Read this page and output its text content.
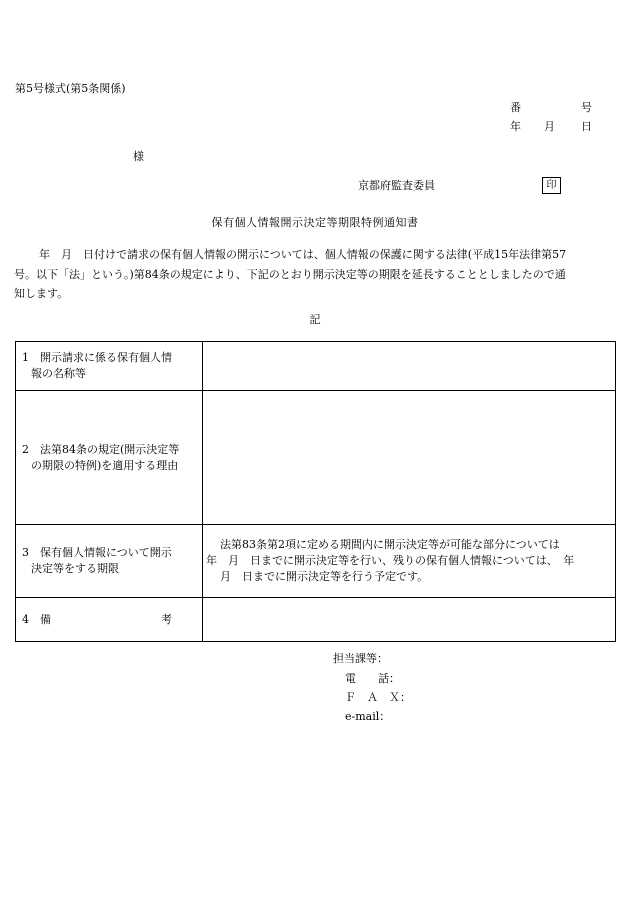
第5号様式(第5条関係)
番	号
年 月 日
様
京都府監査委員	印
保有個人情報開示決定等期限特例通知書
　年　月　日付けで請求の保有個人情報の開示については、個人情報の保護に関する法律(平成15年法律第57
号。以下「法」という。)第84条の規定により、下記のとおり開示決定等の期限を延長することとしましたので通
知します。
記
1　開示請求に係る保有個人情
報の名称等	

2　法第84条の規定(開示決定等
の期限の特例)を適用する理由	

3　保有個人情報について開示
決定等をする期限	　法第83条第2項に定める期間内に開示決定等が可能な部分については
年　月　日までに開示決定等を行い、残りの保有個人情報については、　年
　月　日までに開示決定等を行う予定です。

4　備 考	

担当課等：
電　　話：
Ｆ　Ａ　Ｘ：
e-mail：
